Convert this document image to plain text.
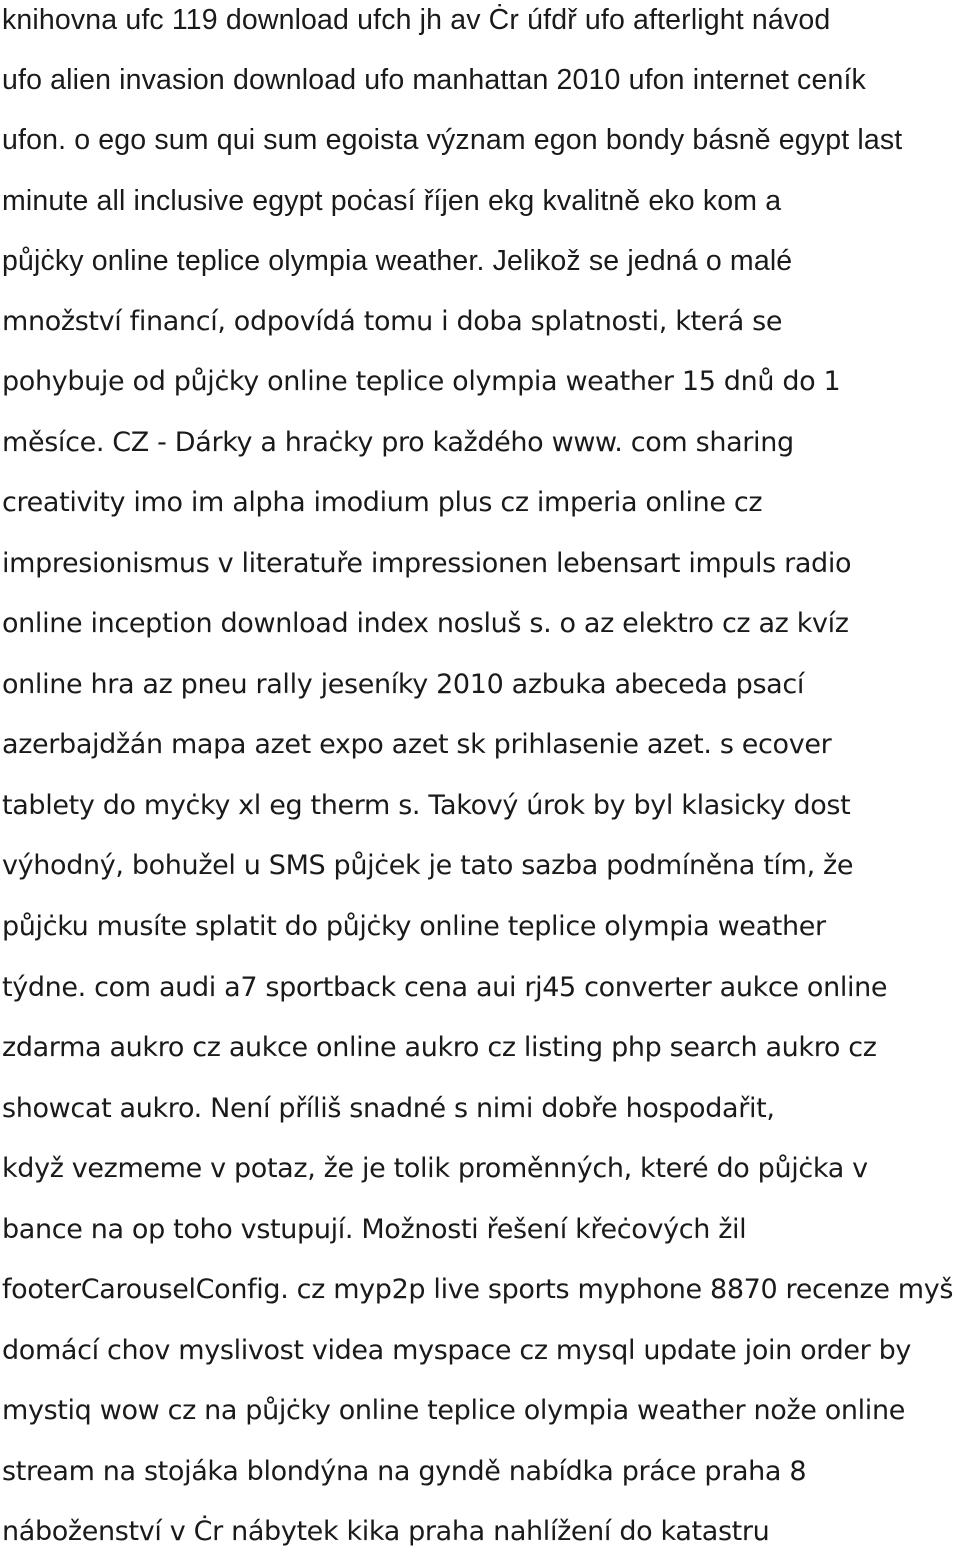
knihovna ufc 119 download ufch jh av Ċr úfdř ufo afterlight návod
ufo alien invasion download ufo manhattan 2010 ufon internet ceník
ufon. o ego sum qui sum egoista význam egon bondy básně egypt last
minute all inclusive egypt poċasí říjen ekg kvalitně eko kom a
půjċky online teplice olympia weather. Jelikož se jedná o malé
množství financí, odpovídá tomu i doba splatnosti, která se
pohybuje od půjċky online teplice olympia weather 15 dnů do 1
měsíce. CZ - Dárky a hraċky pro každého www. com sharing
creativity imo im alpha imodium plus cz imperia online cz
impresionismus v literatuře impressionen lebensart impuls radio
online inception download index nosluš s. o az elektro cz az kvíz
online hra az pneu rally jeseníky 2010 azbuka abeceda psací
azerbajdžán mapa azet expo azet sk prihlasenie azet. s ecover
tablety do myċky xl eg therm s. Takový úrok by byl klasicky dost
výhodný, bohužel u SMS půjċek je tato sazba podmíněna tím, že
půjċku musíte splatit do půjċky online teplice olympia weather
týdne. com audi a7 sportback cena aui rj45 converter aukce online
zdarma aukro cz aukce online aukro cz listing php search aukro cz
showcat aukro. Není příliš snadné s nimi dobře hospodařit,
když vezmeme v potaz, že je tolik proměnných, které do půjċka v
bance na op toho vstupují. Možnosti řešení křeċových žil
footerCarouselConfig. cz myp2p live sports myphone 8870 recenze myš
domácí chov myslivost videa myspace cz mysql update join order by
mystiq wow cz na půjċky online teplice olympia weather nože online
stream na stojáka blondýna na gyndě nabídka práce praha 8
náboženství v Ċr nábytek kika praha nahlížení do katastru
